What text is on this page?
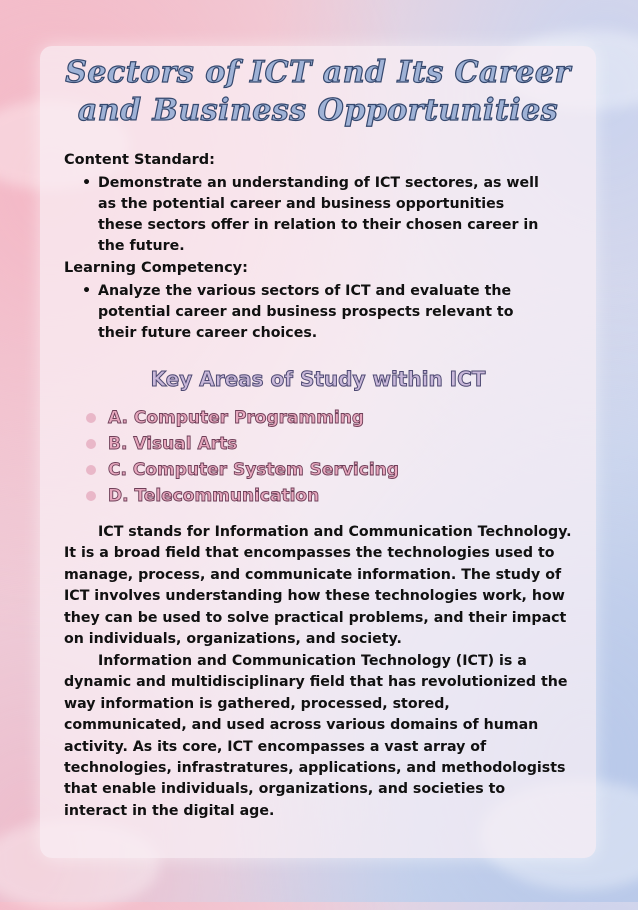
Sectors of ICT and Its Career and Business Opportunities

Content Standard:

• Demonstrate an understanding of ICT sectores, as well as the potential career and business opportunities these sectors offer in relation to their chosen career in the future.

Learning Competency:

• Analyze the various sectors of ICT and evaluate the potential career and business prospects relevant to their future career choices.
Key Areas of Study within ICT
A. Computer Programming
B. Visual Arts
C. Computer System Servicing
D. Telecommunication

ICT stands for Information and Communication Technology. It is a broad field that encompasses the technologies used to manage, process, and communicate information. The study of ICT involves understanding how these technologies work, how they can be used to solve practical problems, and their impact on individuals, organizations, and society.

Information and Communication Technology (ICT) is a dynamic and multidisciplinary field that has revolutionized the way information is gathered, processed, stored, communicated, and used across various domains of human activity. As its core, ICT encompasses a vast array of technologies, infrastratures, applications, and methodologists that enable individuals, organizations, and societies to interact in the digital age.
